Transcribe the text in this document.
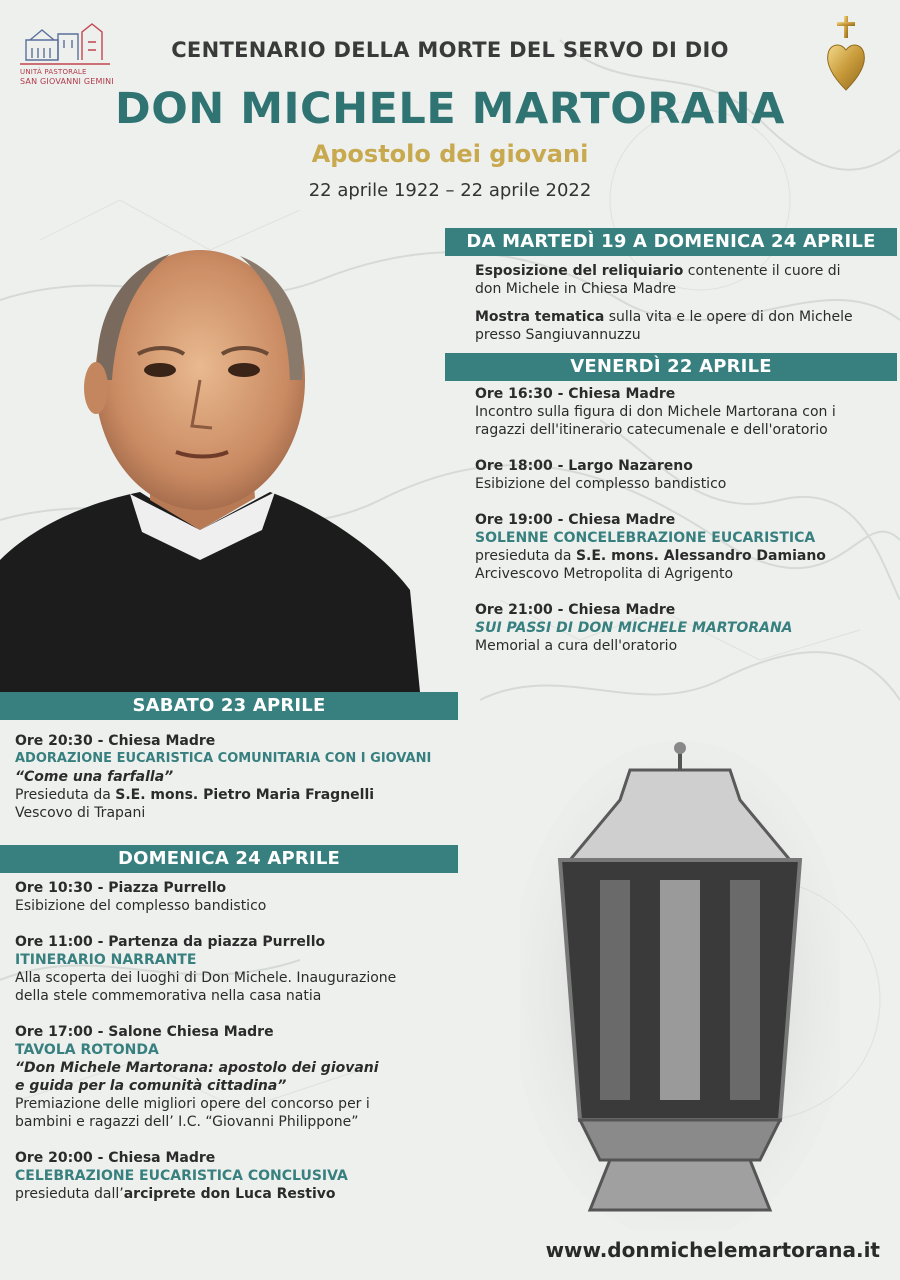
UNITÀ PASTORALE
SAN GIOVANNI GEMINI
CENTENARIO DELLA MORTE DEL SERVO DI DIO
DON MICHELE MARTORANA
Apostolo dei giovani
22 aprile 1922 – 22 aprile 2022
DA MARTEDÌ 19 A DOMENICA 24 APRILE
Esposizione del reliquiario contenente il cuore di
don Michele in Chiesa Madre
Mostra tematica sulla vita e le opere di don Michele
presso Sangiuvannuzzu
VENERDÌ 22 APRILE
Ore 16:30 - Chiesa Madre
Incontro sulla figura di don Michele Martorana con i
ragazzi dell'itinerario catecumenale e dell'oratorio
Ore 18:00 - Largo Nazareno
Esibizione del complesso bandistico
Ore 19:00 - Chiesa Madre
SOLENNE CONCELEBRAZIONE EUCARISTICA
presieduta da S.E. mons. Alessandro Damiano
Arcivescovo Metropolita di Agrigento
Ore 21:00 - Chiesa Madre
SUI PASSI DI DON MICHELE MARTORANA
Memorial a cura dell'oratorio
SABATO 23 APRILE
Ore 20:30 - Chiesa Madre
ADORAZIONE EUCARISTICA COMUNITARIA CON I GIOVANI
“Come una farfalla”
Presieduta da S.E. mons. Pietro Maria Fragnelli
Vescovo di Trapani
DOMENICA 24 APRILE
Ore 10:30 - Piazza Purrello
Esibizione del complesso bandistico
Ore 11:00 - Partenza da piazza Purrello
ITINERARIO NARRANTE
Alla scoperta dei luoghi di Don Michele. Inaugurazione
della stele commemorativa nella casa natia
Ore 17:00 - Salone Chiesa Madre
TAVOLA ROTONDA
“Don Michele Martorana: apostolo dei giovani
e guida per la comunità cittadina”
Premiazione delle migliori opere del concorso per i
bambini e ragazzi dell’ I.C. “Giovanni Philippone”
Ore 20:00 - Chiesa Madre
CELEBRAZIONE EUCARISTICA CONCLUSIVA
presieduta dall’arciprete don Luca Restivo
www.donmichelemartorana.it
